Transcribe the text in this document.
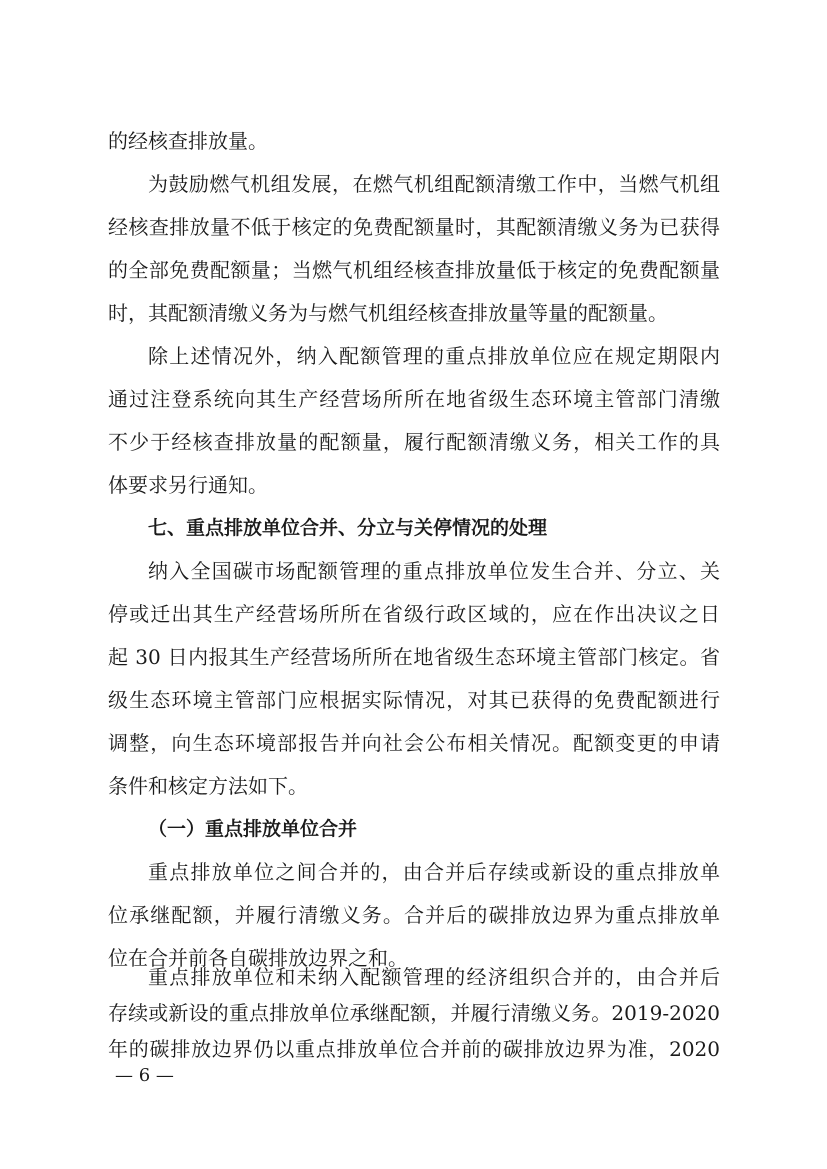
的经核查排放量。
为鼓励燃气机组发展，在燃气机组配额清缴工作中，当燃气机组
经核查排放量不低于核定的免费配额量时，其配额清缴义务为已获得
的全部免费配额量；当燃气机组经核查排放量低于核定的免费配额量
时，其配额清缴义务为与燃气机组经核查排放量等量的配额量。
除上述情况外，纳入配额管理的重点排放单位应在规定期限内
通过注登系统向其生产经营场所所在地省级生态环境主管部门清缴
不少于经核查排放量的配额量，履行配额清缴义务，相关工作的具
体要求另行通知。
七、重点排放单位合并、分立与关停情况的处理
纳入全国碳市场配额管理的重点排放单位发生合并、分立、关
停或迁出其生产经营场所所在省级行政区域的，应在作出决议之日
起 30 日内报其生产经营场所所在地省级生态环境主管部门核定。省
级生态环境主管部门应根据实际情况，对其已获得的免费配额进行
调整，向生态环境部报告并向社会公布相关情况。配额变更的申请
条件和核定方法如下。
（一）重点排放单位合并
重点排放单位之间合并的，由合并后存续或新设的重点排放单
位承继配额，并履行清缴义务。合并后的碳排放边界为重点排放单
位在合并前各自碳排放边界之和。
重点排放单位和未纳入配额管理的经济组织合并的，由合并后
存续或新设的重点排放单位承继配额，并履行清缴义务。2019-2020
年的碳排放边界仍以重点排放单位合并前的碳排放边界为准，2020
— 6 —
